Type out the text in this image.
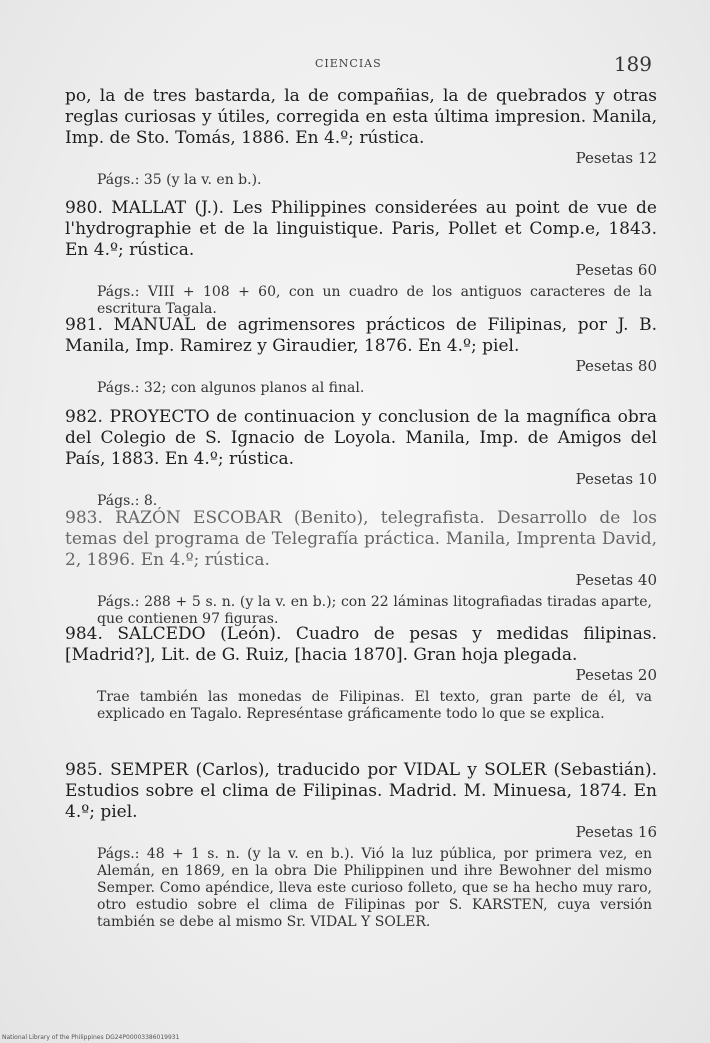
CIENCIAS	189

po, la de tres bastarda, la de compañias, la de quebrados y otras reglas curiosas y útiles, corregida en esta última impresion. Manila, Imp. de Sto. Tomás, 1886. En 4.º; rústica.

Pesetas 12
Págs.: 35 (y la v. en b.).

980. MALLAT (J.). Les Philippines considerées au point de vue de l'hydrographie et de la linguistique. Paris, Pollet et Comp.e, 1843. En 4.º; rústica.

Pesetas 60
Págs.: VIII + 108 + 60, con un cuadro de los antiguos caracteres de la escritura Tagala.

981. MANUAL de agrimensores prácticos de Filipinas, por J. B. Manila, Imp. Ramirez y Giraudier, 1876. En 4.º; piel.

Pesetas 80
Págs.: 32; con algunos planos al final.

982. PROYECTO de continuacion y conclusion de la magnífica obra del Colegio de S. Ignacio de Loyola. Manila, Imp. de Amigos del País, 1883. En 4.º; rústica.

Pesetas 10
Págs.: 8.

983. RAZÓN ESCOBAR (Benito), telegrafista. Desarrollo de los temas del programa de Telegrafía práctica. Manila, Imprenta David, 2, 1896. En 4.º; rústica.

Pesetas 40
Págs.: 288 + 5 s. n. (y la v. en b.); con 22 láminas litografiadas tiradas aparte, que contienen 97 figuras.

984. SALCEDO (León). Cuadro de pesas y medidas filipinas. [Madrid?], Lit. de G. Ruiz, [hacia 1870]. Gran hoja plegada.

Pesetas 20
Trae también las monedas de Filipinas. El texto, gran parte de él, va explicado en Tagalo. Represéntase gráficamente todo lo que se explica.

985. SEMPER (Carlos), traducido por VIDAL y SOLER (Sebastián). Estudios sobre el clima de Filipinas. Madrid. M. Minuesa, 1874. En 4.º; piel.

Pesetas 16
Págs.: 48 + 1 s. n. (y la v. en b.). Vió la luz pública, por primera vez, en Alemán, en 1869, en la obra Die Philippinen und ihre Bewohner del mismo Semper. Como apéndice, lleva este curioso folleto, que se ha hecho muy raro, otro estudio sobre el clima de Filipinas por S. KARSTEN, cuya versión también se debe al mismo Sr. VIDAL Y SOLER.
National Library of the Philippines DG24P00003386019931
